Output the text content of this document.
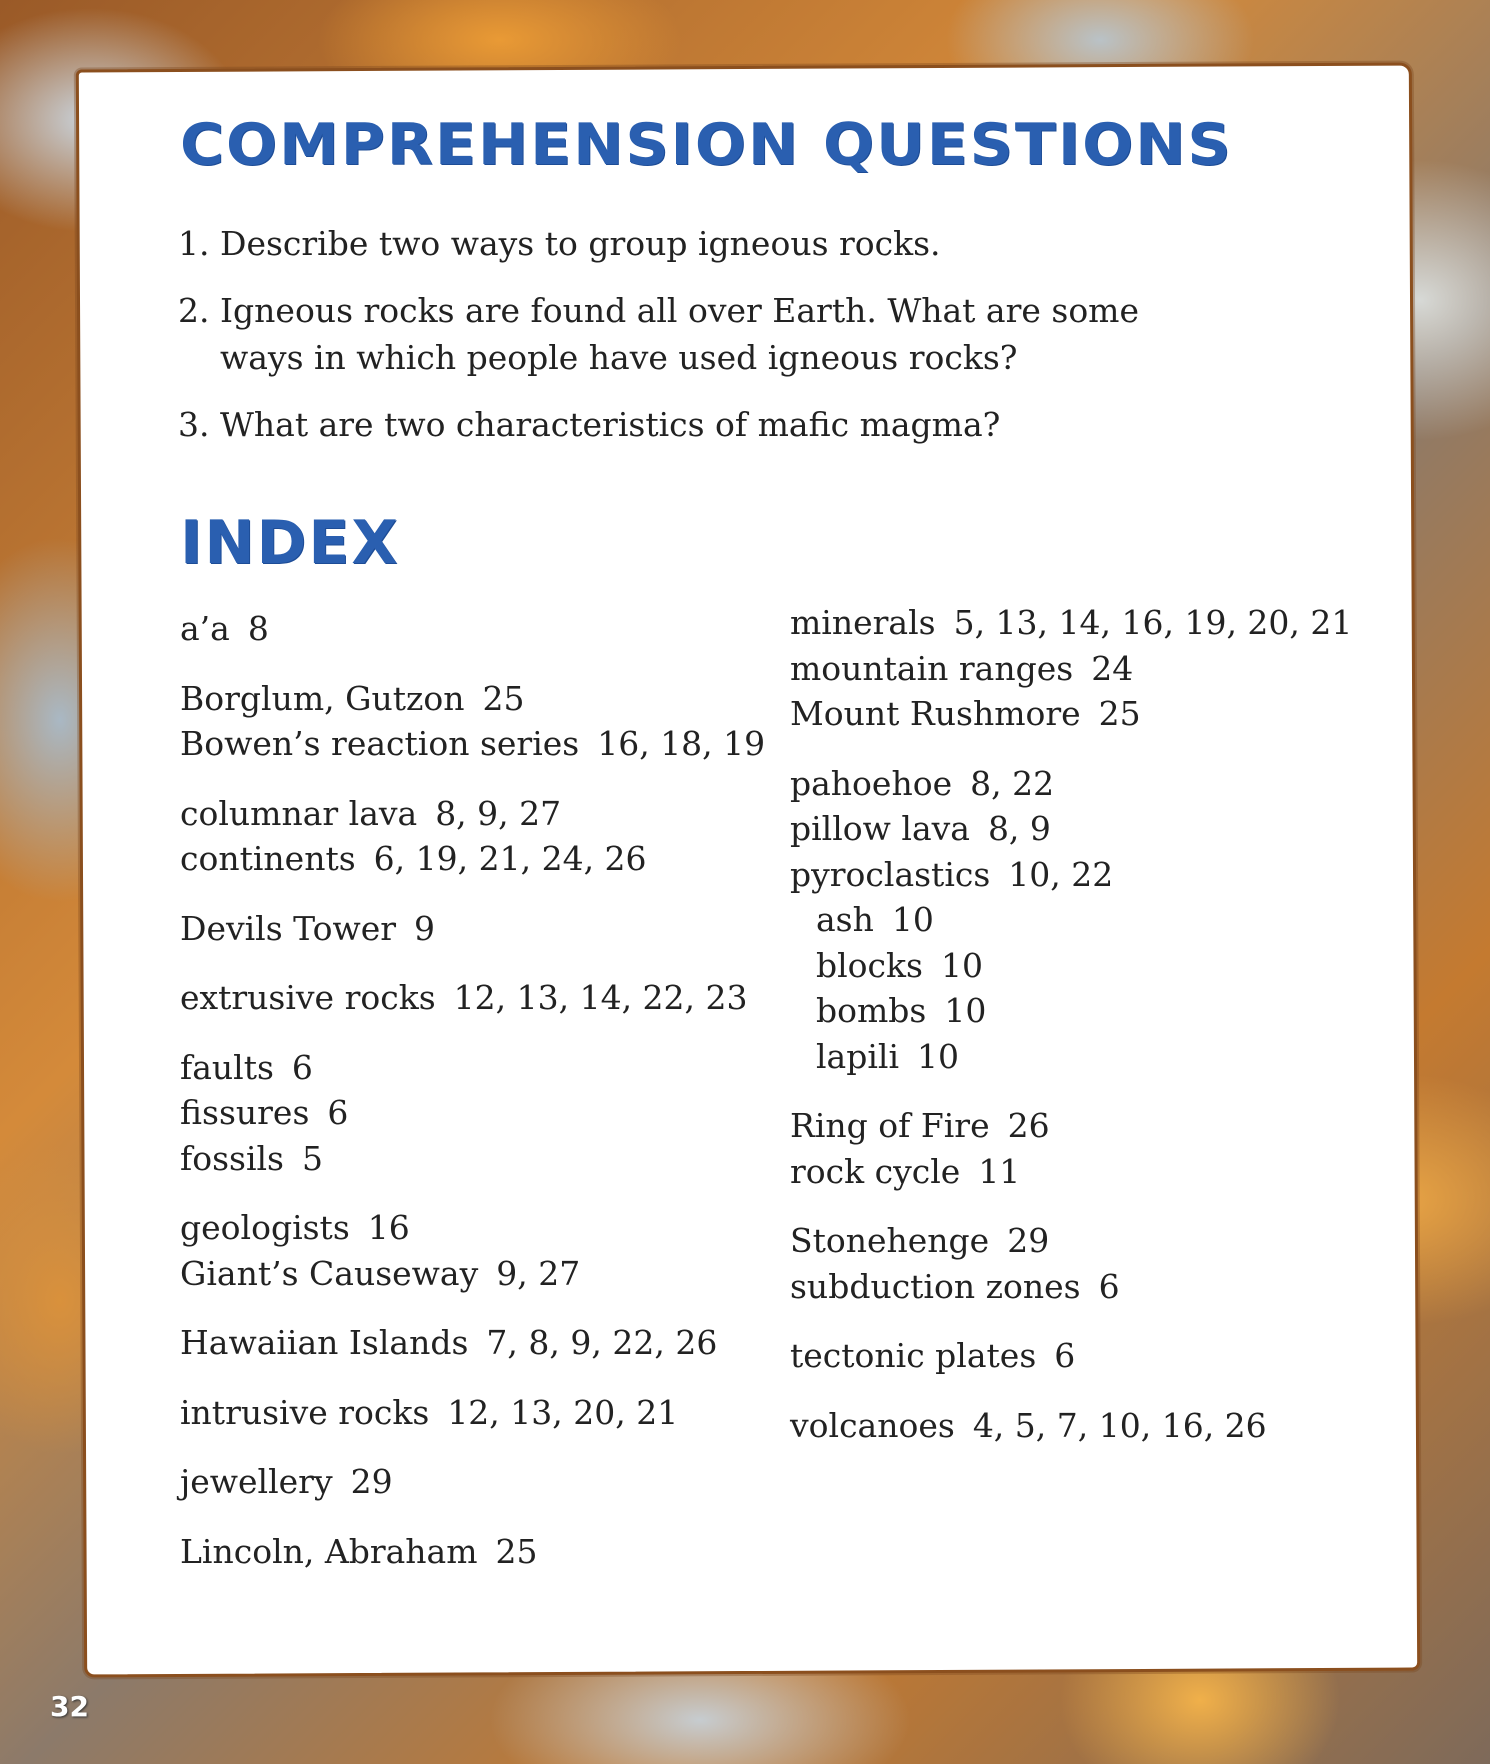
COMPREHENSION QUESTIONS
1. Describe two ways to group igneous rocks.
2. Igneous rocks are found all over Earth. What are some ways in which people have used igneous rocks?
3. What are two characteristics of mafic magma?
INDEX
a’a 8
Borglum, Gutzon 25
Bowen’s reaction series 16, 18, 19
columnar lava 8, 9, 27
continents 6, 19, 21, 24, 26
Devils Tower 9
extrusive rocks 12, 13, 14, 22, 23
faults 6
fissures 6
fossils 5
geologists 16
Giant’s Causeway 9, 27
Hawaiian Islands 7, 8, 9, 22, 26
intrusive rocks 12, 13, 20, 21
jewellery 29
Lincoln, Abraham 25
minerals 5, 13, 14, 16, 19, 20, 21
mountain ranges 24
Mount Rushmore 25
pahoehoe 8, 22
pillow lava 8, 9
pyroclastics 10, 22
ash 10
blocks 10
bombs 10
lapili 10
Ring of Fire 26
rock cycle 11
Stonehenge 29
subduction zones 6
tectonic plates 6
volcanoes 4, 5, 7, 10, 16, 26
32
